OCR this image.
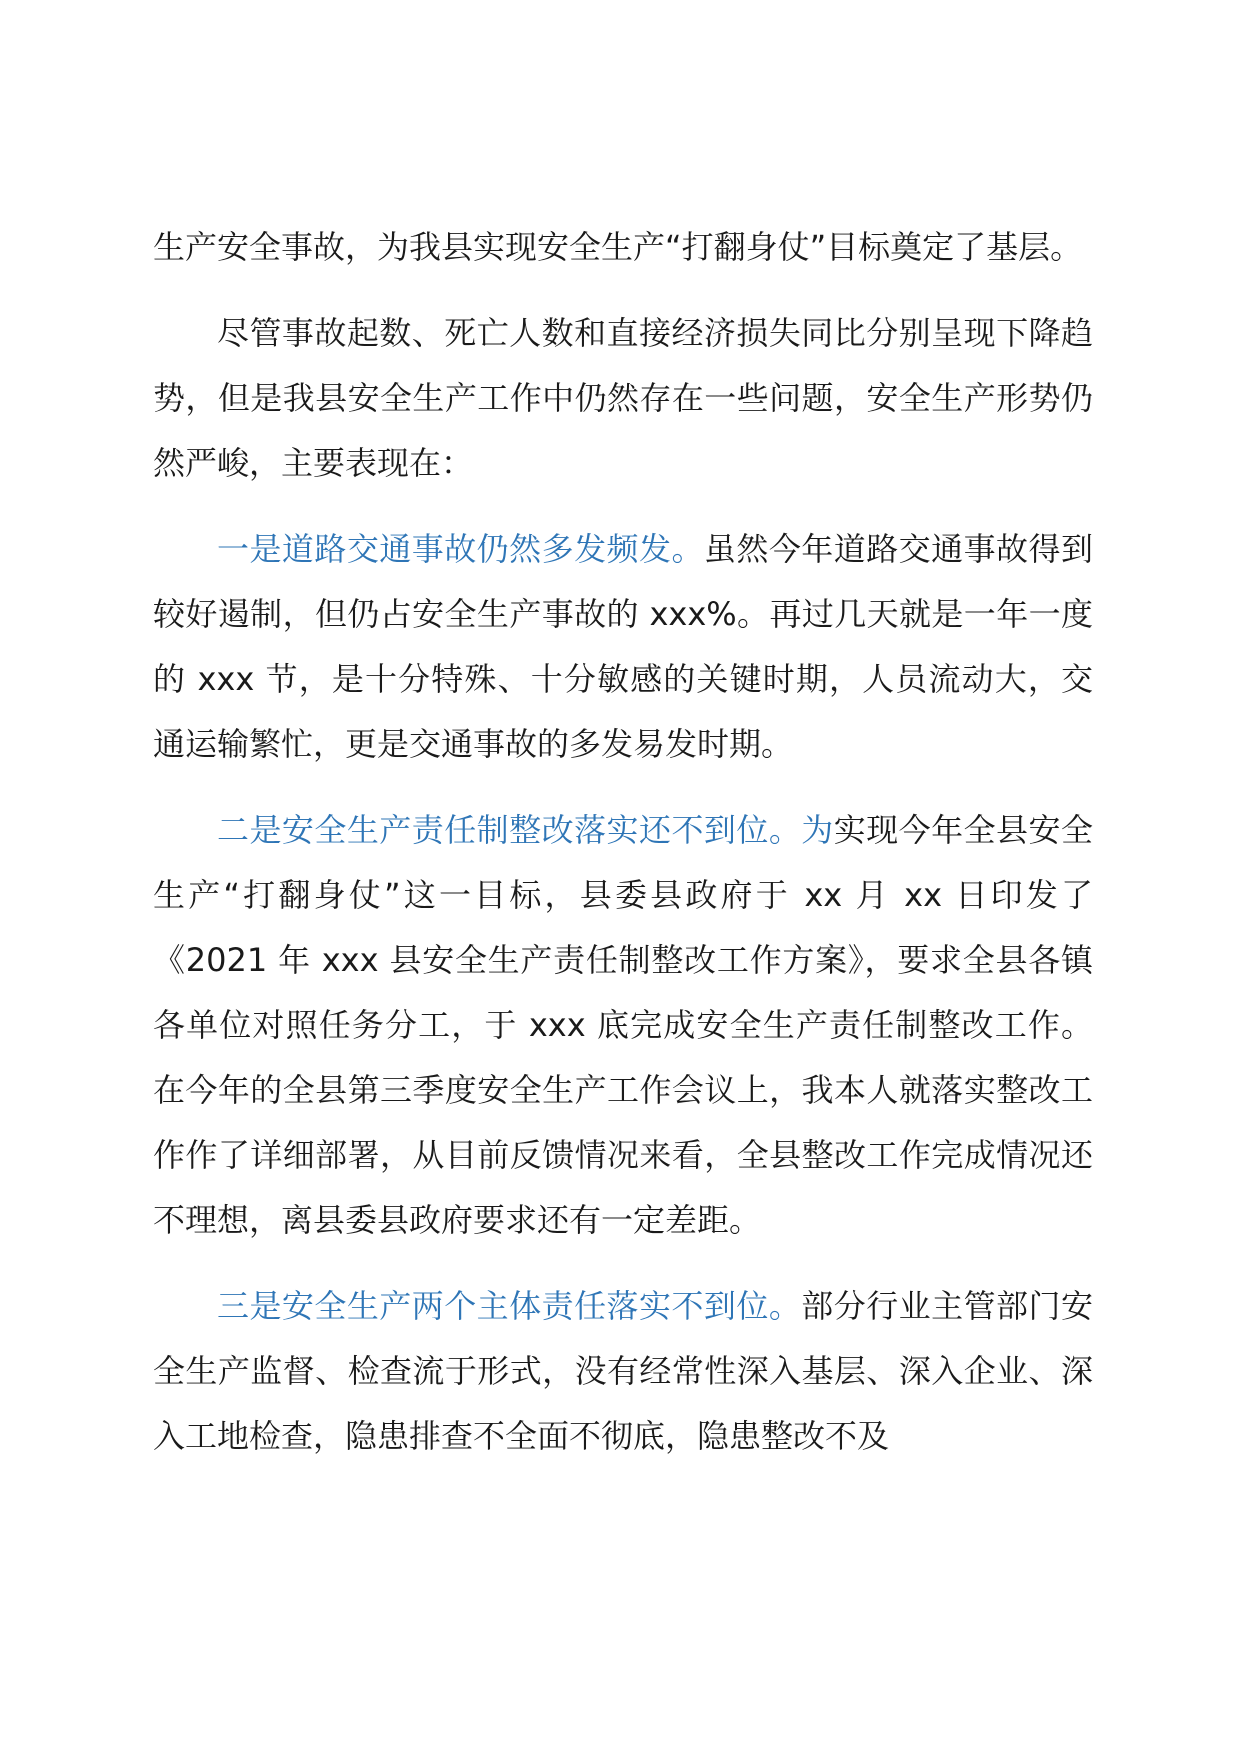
生产安全事故，为我县实现安全生产“打翻身仗”目标奠定了基层。

尽管事故起数、死亡人数和直接经济损失同比分别呈现下降趋势，但是我县安全生产工作中仍然存在一些问题，安全生产形势仍然严峻，主要表现在：

一是道路交通事故仍然多发频发。虽然今年道路交通事故得到较好遏制，但仍占安全生产事故的 xxx%。再过几天就是一年一度的 xxx 节，是十分特殊、十分敏感的关键时期，人员流动大，交通运输繁忙，更是交通事故的多发易发时期。

二是安全生产责任制整改落实还不到位。为实现今年全县安全生产“打翻身仗”这一目标，县委县政府于 xx 月 xx 日印发了《2021 年 xxx 县安全生产责任制整改工作方案》，要求全县各镇各单位对照任务分工，于 xxx 底完成安全生产责任制整改工作。在今年的全县第三季度安全生产工作会议上，我本人就落实整改工作作了详细部署，从目前反馈情况来看，全县整改工作完成情况还不理想，离县委县政府要求还有一定差距。

三是安全生产两个主体责任落实不到位。部分行业主管部门安全生产监督、检查流于形式，没有经常性深入基层、深入企业、深入工地检查，隐患排查不全面不彻底，隐患整改不及
